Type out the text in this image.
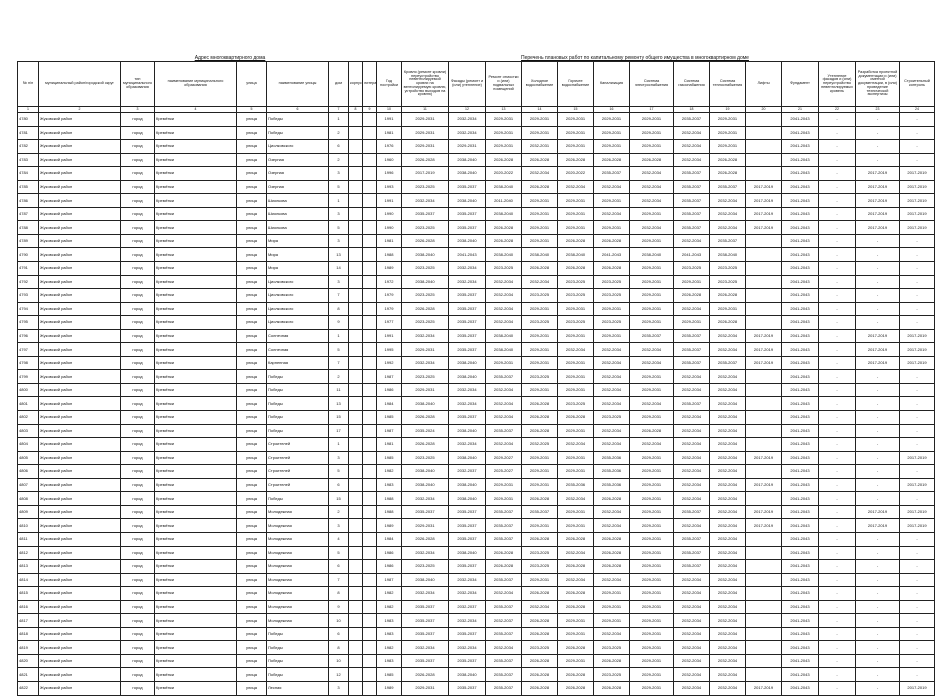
Адрес многоквартирного дома	Перечень плановых работ по капитальному ремонту общего имущества в многоквартирном доме
№ п/п	муниципальный район/городской округ	тип муниципального образования	наименование муниципального образования	улица	наименование улицы	дом	корпус	литера	Год постройки	Кровля (ремонт кровли) переустройство невентилируемой кровли на вентилируемую кровлю, устройство выходов на кровлю)	Фасады (ремонт и (или) утепление)	Ремонт отмостки и (или) подвальных помещений	Холодное водоснабжение	Горячее водоснабжение	Канализация	Система электроснабжения	Система газоснабжения	Система теплоснабжения	Лифты	Фундамент	Утепление фасадов и (или) переустройство невентилируемых кровель	Разработка проектной документации и (или) сметной документации, в (или) проведение технической экспертизы	Строительный контроль
1	2	3	4	5	6	7	8	9	10	11	12	13	14	15	16	17	18	19	20	21	22	23	24
4780	Жуковский район	город	Кремёнки	улица	Победы	1			1991	2029-2031	2032-2034	2029-2031	2029-2031	2029-2031	2029-2031	2029-2031	2035-2037	2029-2031		2041-2043	-	-	-
4781	Жуковский район	город	Кремёнки	улица	Победы	2			1981	2029-2031	2032-2034	2029-2031	2029-2031	2029-2031	2029-2031	2029-2031	2032-2034	2029-2031		2041-2043	-	-	-
4782	Жуковский район	город	Кремёнки	улица	Циолковского	6			1976	2029-2031	2029-2031	2029-2031	2032-2031	2029-2031	2029-2031	2029-2031	2032-2034	2029-2031		2041-2043	-	-	-
4783	Жуковский район	город	Кремёнки	улица	Озерная	2			1960	2026-2028	2038-2040	2026-2028	2026-2028	2026-2028	2026-2028	2026-2028	2032-2034	2026-2028		2041-2043	-	-	-
4784	Жуковский район	город	Кремёнки	улица	Озерная	3			1996	2017-2019	2038-2040	2020-2022	2032-2034	2020-2022	2035-2037	2032-2034	2035-2037	2026-2028		2041-2043	-	2017-2019	2017-2019
4785	Жуковский район	город	Кремёнки	улица	Озерная	5			1993	2023-2025	2035-2037	2038-2040	2026-2028	2032-2034	2032-2034	2032-2034	2035-2037	2035-2037	2017-2019	2041-2043	-	2017-2019	2017-2019
4786	Жуковский район	город	Кремёнки	улица	Шиолкова	1			1991	2032-2034	2038-2040	2011-2040	2029-2031	2029-2031	2029-2031	2032-2034	2035-2037	2032-2034	2017-2019	2041-2043	-	2017-2019	2017-2019
4787	Жуковский район	город	Кремёнки	улица	Шиолкова	3			1990	2035-2037	2035-2037	2038-2040	2029-2031	2029-2031	2032-2034	2029-2031	2035-2037	2032-2034	2017-2019	2041-2043	-	2017-2019	2017-2019
4788	Жуковский район	город	Кремёнки	улица	Шиолкова	5			1990	2023-2025	2035-2037	2026-2028	2029-2031	2029-2031	2029-2031	2032-2034	2035-2037	2032-2034	2017-2019	2041-2043	-	2017-2019	2017-2019
4789	Жуковский район	город	Кремёнки	улица	Мира	3			1981	2026-2028	2038-2040	2026-2028	2029-2031	2026-2028	2026-2028	2029-2031	2032-2034	2035-2037		2041-2043	-	-	-
4790	Жуковский район	город	Кремёнки	улица	Мира	13			1988	2038-2040	2041-2043	2038-2040	2038-2040	2038-2040	2041-2043	2038-2040	2041-2043	2038-2040		2041-2043	-	-	-
4791	Жуковский район	город	Кремёнки	улица	Мира	14			1989	2023-2025	2032-2034	2023-2025	2026-2028	2026-2028	2026-2028	2029-2031	2023-2025	2023-2025		2041-2043	-	-	-
4792	Жуковский район	город	Кремёнки	улица	Циолковского	3			1972	2038-2040	2032-2034	2032-2034	2032-2034	2023-2025	2023-2025	2029-2031	2029-2031	2023-2025		2041-2043	-	-	-
4793	Жуковский район	город	Кремёнки	улица	Циолковского	7			1979	2023-2025	2035-2037	2032-2034	2023-2025	2023-2025	2023-2025	2029-2031	2026-2028	2026-2028		2041-2043	-	-	-
4794	Жуковский район	город	Кремёнки	улица	Циолковского	8			1979	2026-2028	2035-2037	2032-2034	2029-2031	2029-2031	2029-2031	2029-2031	2032-2034	2029-2031		2041-2043	-	-	-
4795	Жуковский район	город	Кремёнки	улица	Циолковского	9			1977	2023-2025	2035-2037	2032-2034	2023-2025	2023-2025	2023-2025	2029-2031	2029-2031	2026-2028		2041-2043	-	-	-
4796	Жуковский район	город	Кремёнки	улица	Солнечная	1			1991	2032-2034	2035-2037	2038-2040	2029-2031	2029-2031	2029-2031	2035-2037	2035-2037	2032-2034	2017-2019	2041-2043	-	2017-2019	2017-2019
4797	Жуковский район	город	Кремёнки	улица	Солнечная	5			1995	2029-2031	2035-2037	2038-2040	2029-2031	2032-2034	2032-2034	2032-2034	2035-2037	2032-2034	2017-2019	2041-2043	-	2017-2019	2017-2019
4798	Жуковский район	город	Кремёнки	улица	Карпенная	7			1992	2032-2034	2038-2040	2029-2031	2029-2031	2029-2031	2032-2034	2032-2034	2035-2037	2035-2037	2017-2019	2041-2043	-	2017-2019	2017-2019
4799	Жуковский район	город	Кремёнки	улица	Победы	2			1987	2023-2025	2038-2040	2035-2037	2023-2025	2029-2031	2032-2034	2029-2031	2032-2034	2032-2034		2041-2043	-	-	-
4800	Жуковский район	город	Кремёнки	улица	Победы	11			1986	2029-2031	2032-2034	2032-2034	2029-2031	2029-2031	2032-2034	2029-2031	2032-2034	2032-2034		2041-2043	-	-	-
4801	Жуковский район	город	Кремёнки	улица	Победы	13			1984	2038-2040	2032-2034	2032-2034	2026-2028	2023-2025	2032-2034	2032-2034	2035-2037	2032-2034		2041-2043	-	-	-
4802	Жуковский район	город	Кремёнки	улица	Победы	15			1985	2026-2028	2035-2037	2032-2034	2026-2028	2026-2028	2023-2025	2029-2031	2032-2034	2032-2034		2041-2043	-	-	-
4803	Жуковский район	город	Кремёнки	улица	Победы	17			1987	2035-2024	2038-2040	2035-2037	2026-2028	2029-2031	2032-2034	2026-2028	2032-2034	2032-2034		2041-2043	-	-	-
4804	Жуковский район	город	Кремёнки	улица	Строителей	1			1981	2026-2028	2032-2034	2032-2034	2032-2025	2032-2034	2032-2034	2032-2034	2032-2034	2032-2034		2041-2043	-	-	-
4805	Жуковский район	город	Кремёнки	улица	Строителей	3			1985	2023-2025	2038-2040	2029-2027	2029-2031	2029-2031	2035-2036	2029-2031	2032-2034	2032-2034	2017-2019	2041-2043	-	-	2017-2019
4806	Жуковский район	город	Кремёнки	улица	Строителей	5			1982	2038-2040	2032-2037	2025-2027	2029-2031	2029-2031	2035-2036	2029-2031	2032-2034	2032-2034		2041-2043	-	-	-
4807	Жуковский район	город	Кремёнки	улица	Строителей	6			1983	2038-2040	2038-2040	2029-2031	2029-2031	2035-2036	2035-2036	2029-2031	2032-2034	2032-2034	2017-2019	2041-2043	-	-	2017-2019
4808	Жуковский район	город	Кремёнки	улица	Победы	15			1988	2032-2034	2038-2040	2029-2031	2026-2028	2032-2034	2026-2028	2029-2031	2032-2034	2032-2034		2041-2043	-	-	-
4809	Жуковский район	город	Кремёнки	улица	Молодежная	2			1988	2035-2037	2035-2037	2035-2037	2035-2037	2029-2031	2032-2034	2029-2031	2035-2037	2032-2034	2017-2019	2041-2043	-	2017-2019	2017-2019
4810	Жуковский район	город	Кремёнки	улица	Молодежная	3			1989	2029-2031	2035-2037	2035-2037	2029-2031	2029-2031	2032-2034	2029-2031	2032-2034	2032-2034	2017-2019	2041-2043	-	2017-2019	2017-2019
4811	Жуковский район	город	Кремёнки	улица	Молодежная	4			1984	2026-2028	2035-2037	2035-2037	2026-2028	2026-2028	2026-2028	2029-2031	2035-2037	2032-2034		2041-2043	-	-	-
4812	Жуковский район	город	Кремёнки	улица	Молодежная	5			1986	2032-2034	2038-2040	2026-2028	2023-2025	2032-2034	2026-2028	2029-2031	2035-2037	2032-2034		2041-2043	-	-	-
4813	Жуковский район	город	Кремёнки	улица	Молодежная	6			1986	2023-2025	2035-2037	2026-2028	2023-2025	2026-2028	2026-2028	2029-2031	2035-2037	2032-2034		2041-2043	-	-	-
4814	Жуковский район	город	Кремёнки	улица	Молодежная	7			1987	2038-2040	2032-2034	2035-2037	2029-2031	2032-2034	2032-2034	2029-2031	2032-2034	2032-2034		2041-2043	-	-	-
4815	Жуковский район	город	Кремёнки	улица	Молодежная	8			1982	2032-2034	2032-2034	2032-2034	2026-2028	2026-2028	2029-2031	2029-2031	2032-2034	2032-2034		2041-2043	-	-	-
4816	Жуковский район	город	Кремёнки	улица	Молодежная	9			1982	2035-2037	2032-2037	2035-2037	2032-2034	2026-2028	2029-2031	2029-2031	2032-2034	2032-2034		2041-2043	-	-	-
4817	Жуковский район	город	Кремёнки	улица	Молодежная	10			1983	2035-2037	2032-2034	2032-2037	2026-2028	2029-2031	2029-2031	2029-2031	2032-2034	2032-2034		2041-2043	-	-	-
4818	Жуковский район	город	Кремёнки	улица	Победы	6			1983	2035-2037	2035-2037	2035-2037	2026-2028	2029-2031	2032-2034	2029-2031	2032-2034	2032-2034		2041-2043	-	-	-
4819	Жуковский район	город	Кремёнки	улица	Победы	8			1982	2032-2034	2032-2034	2032-2034	2023-2025	2026-2028	2023-2025	2029-2031	2032-2034	2032-2034		2041-2043	-	-	-
4820	Жуковский район	город	Кремёнки	улица	Победы	10			1983	2035-2037	2035-2037	2035-2037	2026-2028	2029-2031	2026-2028	2029-2031	2032-2034	2032-2034		2041-2043	-	-	-
4821	Жуковский район	город	Кремёнки	улица	Победы	12			1985	2026-2028	2038-2040	2035-2037	2026-2028	2026-2028	2023-2025	2029-2031	2032-2034	2032-2034		2041-2043	-	-	-
4822	Жуковский район	город	Кремёнки	улица	Лесная	3			1989	2029-2031	2035-2037	2035-2037	2026-2028	2026-2028	2026-2028	2029-2031	2032-2034	2032-2034	2017-2019	2041-2043	-	-	2017-2019
